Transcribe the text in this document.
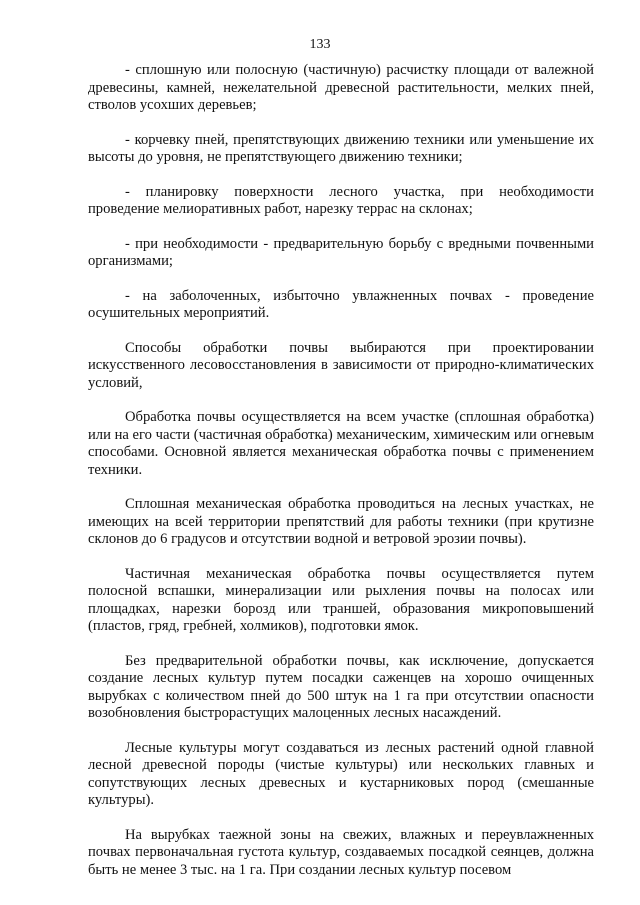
133

- сплошную или полосную (частичную) расчистку площади от валежной древесины, камней, нежелательной древесной растительности, мелких пней, стволов усохших деревьев;

- корчевку пней, препятствующих движению техники или уменьшение их высоты до уровня, не препятствующего движению техники;

- планировку поверхности лесного участка, при необходимости проведение мелиоративных работ, нарезку террас на склонах;

- при необходимости - предварительную борьбу с вредными почвенными организмами;

- на заболоченных, избыточно увлажненных почвах - проведение осушительных мероприятий.

Способы обработки почвы выбираются при проектировании искусственного лесовосстановления в зависимости от природно-климатических условий,

Обработка почвы осуществляется на всем участке (сплошная обработка) или на его части (частичная обработка) механическим, химическим или огневым способами. Основной является механическая обработка почвы с применением техники.

Сплошная механическая обработка проводиться на лесных участках, не имеющих на всей территории препятствий для работы техники (при крутизне склонов до 6 градусов и отсутствии водной и ветровой эрозии почвы).

Частичная механическая обработка почвы осуществляется путем полосной вспашки, минерализации или рыхления почвы на полосах или площадках, нарезки борозд или траншей, образования микроповышений (пластов, гряд, гребней, холмиков), подготовки ямок.

Без предварительной обработки почвы, как исключение, допускается создание лесных культур путем посадки саженцев на хорошо очищенных вырубках с количеством пней до 500 штук на 1 га при отсутствии опасности возобновления быстрорастущих малоценных лесных насаждений.

Лесные культуры могут создаваться из лесных растений одной главной лесной древесной породы (чистые культуры) или нескольких главных и сопутствующих лесных древесных и кустарниковых пород (смешанные культуры).

На вырубках таежной зоны на свежих, влажных и переувлажненных почвах первоначальная густота культур, создаваемых посадкой сеянцев, должна быть не менее 3 тыс. на 1 га. При создании лесных культур посевом
